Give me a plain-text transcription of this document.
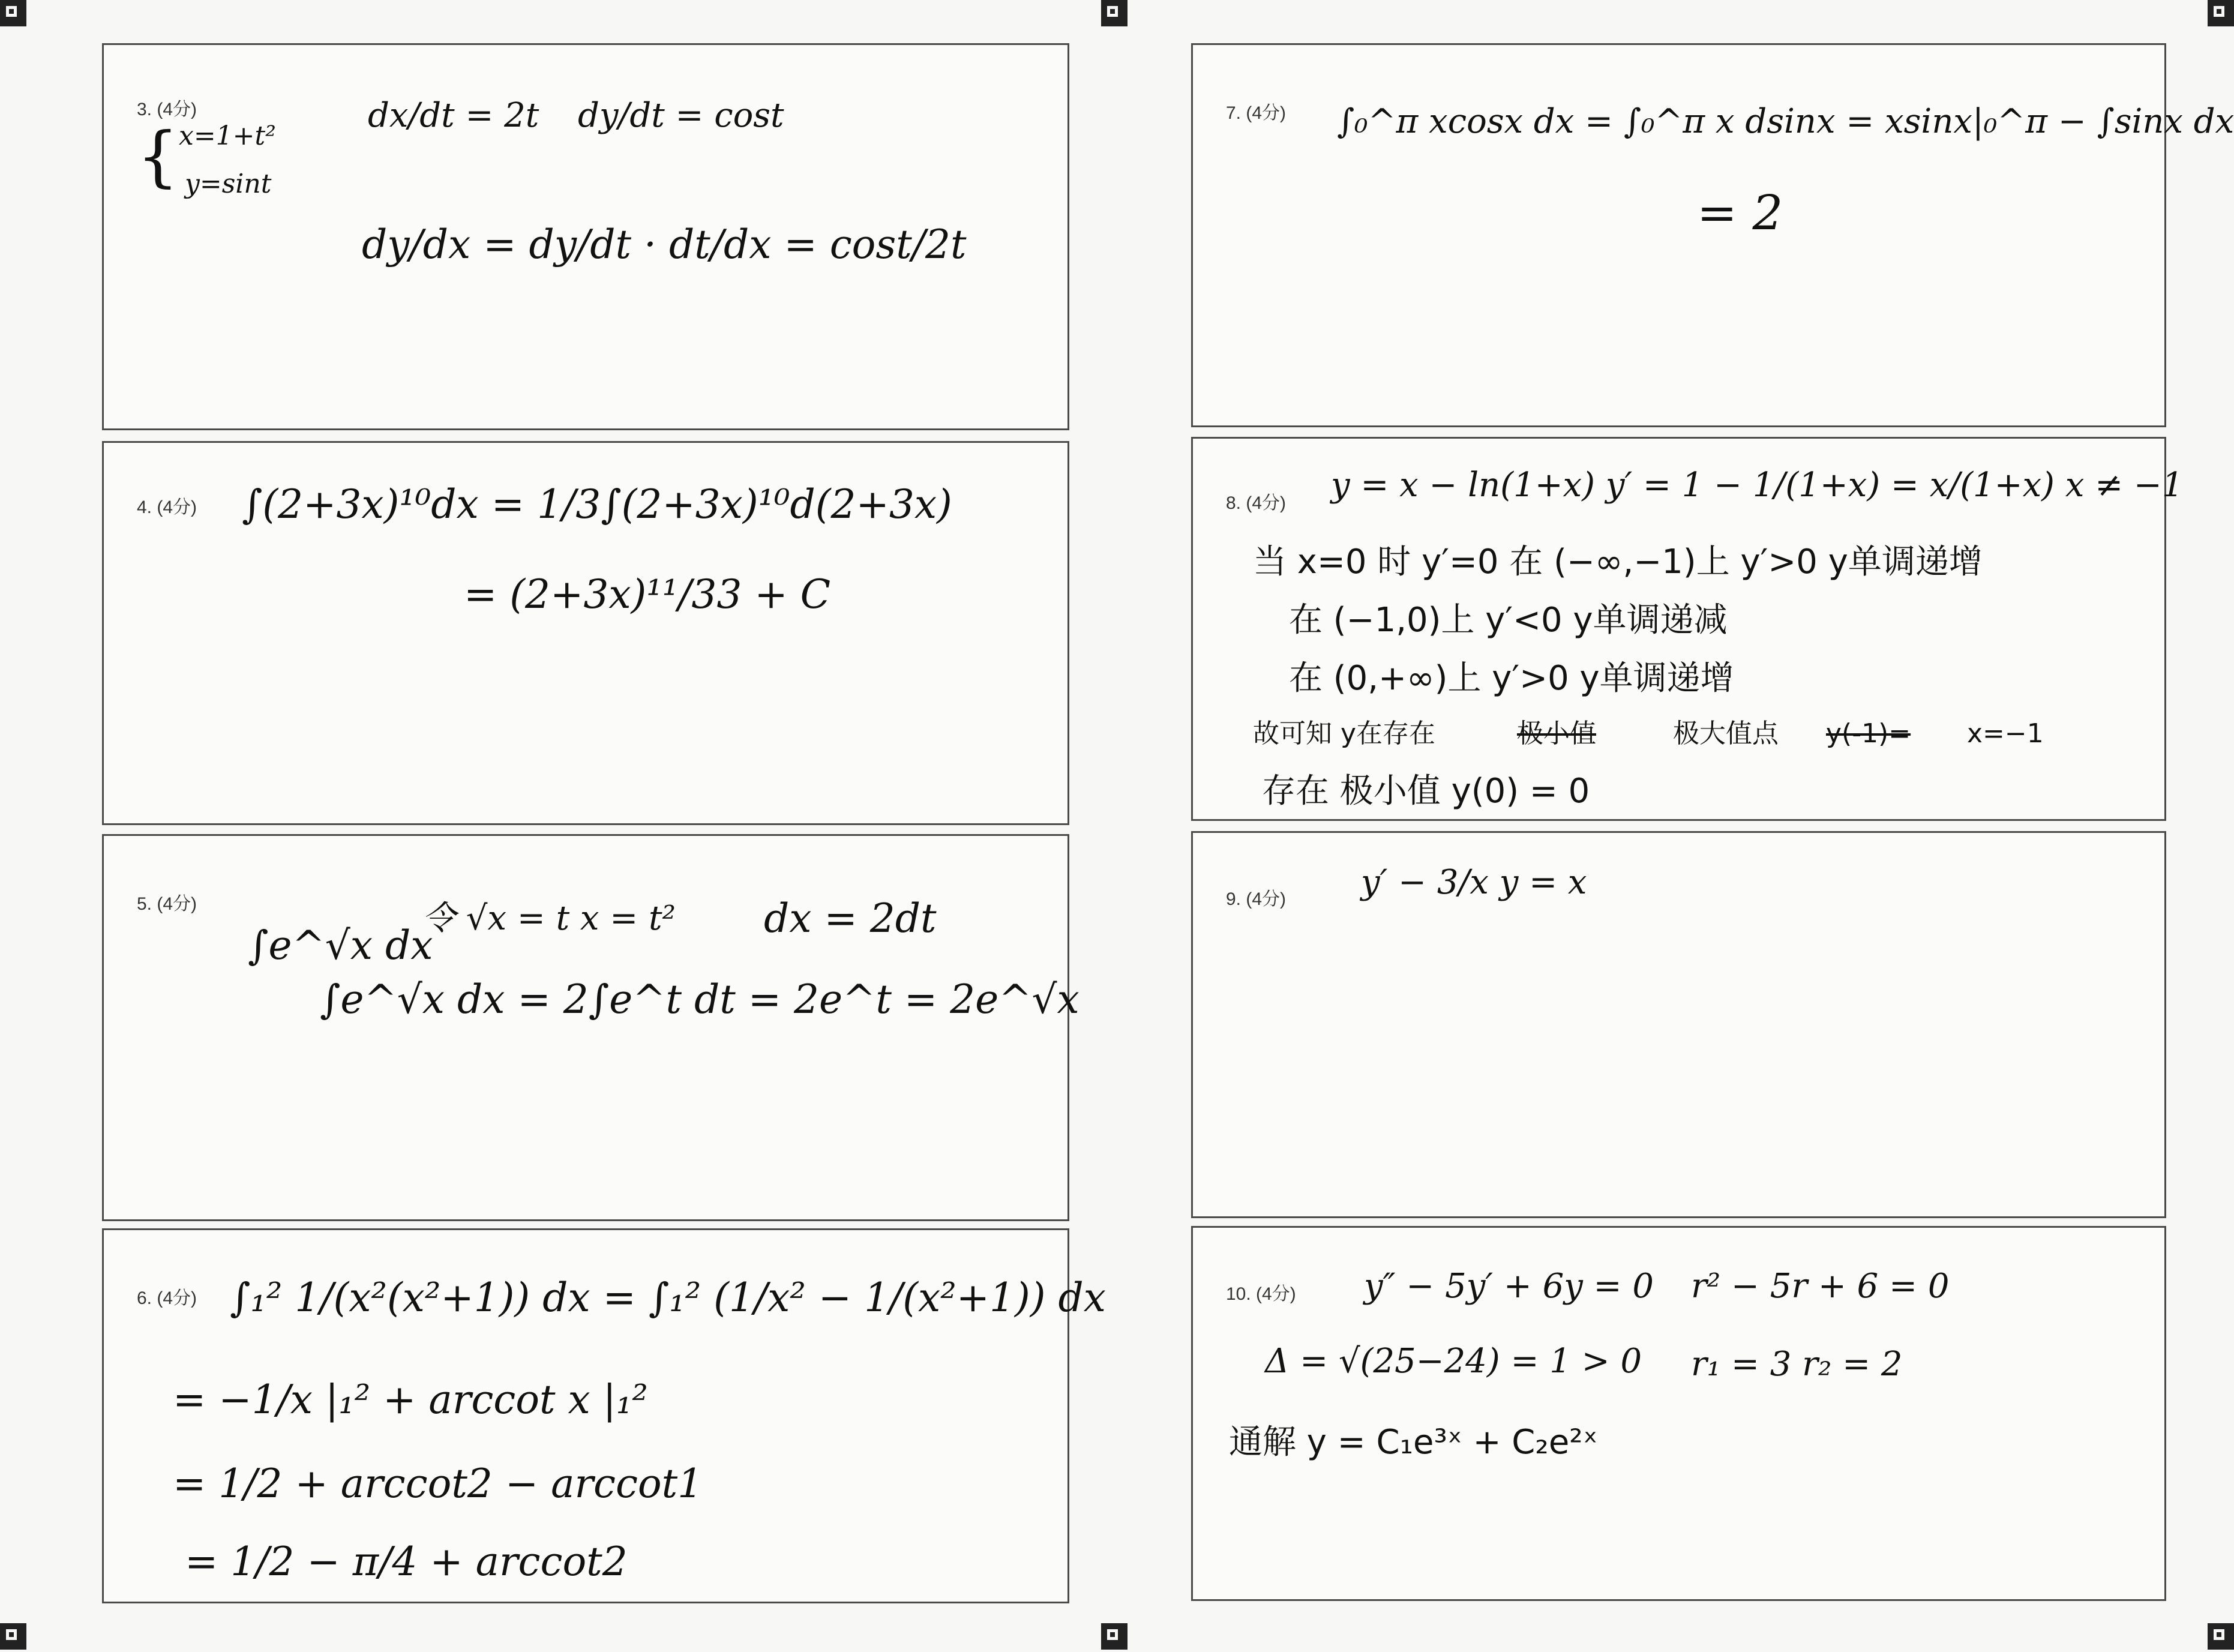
3. (4分)
{ x=1+t²
y=sint
dx/dt = 2t dy/dt = cost
dy/dx = dy/dt · dt/dx = cost/2t
4. (4分) ∫(2+3x)¹⁰dx = 1/3∫(2+3x)¹⁰d(2+3x)
= (2+3x)¹¹/33 + C
5. (4分)
∫e^√x dx
令 √x = t x = t² dx = 2dt
∫e^√x dx = 2∫e^t dt = 2e^t = 2e^√x
6. (4分) ∫₁² 1/(x²(x²+1)) dx = ∫₁² (1/x² − 1/(x²+1)) dx
= −1/x |₁² + arccot x |₁²
= 1/2 + arccot2 − arccot1
= 1/2 − π/4 + arccot2
7. (4分) ∫₀^π xcosx dx = ∫₀^π x dsinx = xsinx|₀^π − ∫sinx dx
= 2
8. (4分) y = x − ln(1+x) y′ = 1 − 1/(1+x) = x/(1+x) x ≠ −1
当 x=0 时 y′=0 在 (−∞,−1)上 y′>0 y单调递增
在 (−1,0)上 y′<0 y单调递减
在 (0,+∞)上 y′>0 y单调递增
故可知 y在存在	极小值	极大值点 y(-1)= x=−1
存在 极小值 y(0) = 0
9. (4分) y′ − 3/x y = x
10. (4分) y″ − 5y′ + 6y = 0 r² − 5r + 6 = 0
Δ = √(25−24) = 1 > 0 r₁ = 3 r₂ = 2
通解 y = C₁e³ˣ + C₂e²ˣ
